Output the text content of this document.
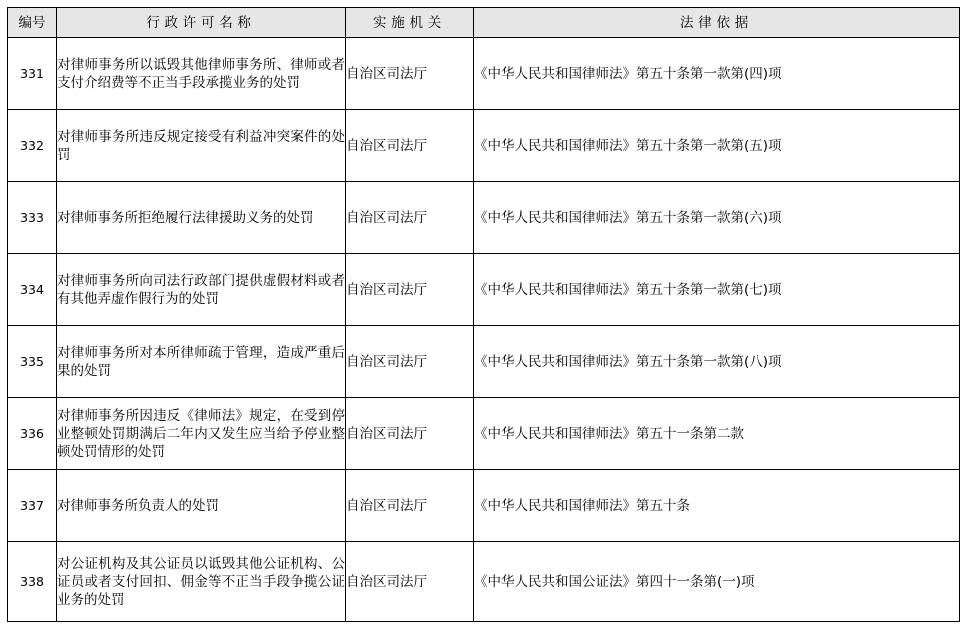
编号	行政许可名称	实施机关	法律依据
331	对律师事务所以诋毁其他律师事务所、律师或者支付介绍费等不正当手段承揽业务的处罚	自治区司法厅	《中华人民共和国律师法》第五十条第一款第(四)项
332	对律师事务所违反规定接受有利益冲突案件的处罚	自治区司法厅	《中华人民共和国律师法》第五十条第一款第(五)项
333	对律师事务所拒绝履行法律援助义务的处罚	自治区司法厅	《中华人民共和国律师法》第五十条第一款第(六)项
334	对律师事务所向司法行政部门提供虚假材料或者有其他弄虚作假行为的处罚	自治区司法厅	《中华人民共和国律师法》第五十条第一款第(七)项
335	对律师事务所对本所律师疏于管理，造成严重后果的处罚	自治区司法厅	《中华人民共和国律师法》第五十条第一款第(八)项
336	对律师事务所因违反《律师法》规定，在受到停业整顿处罚期满后二年内又发生应当给予停业整顿处罚情形的处罚	自治区司法厅	《中华人民共和国律师法》第五十一条第二款
337	对律师事务所负责人的处罚	自治区司法厅	《中华人民共和国律师法》第五十条
338	对公证机构及其公证员以诋毁其他公证机构、公证员或者支付回扣、佣金等不正当手段争揽公证业务的处罚	自治区司法厅	《中华人民共和国公证法》第四十一条第(一)项
